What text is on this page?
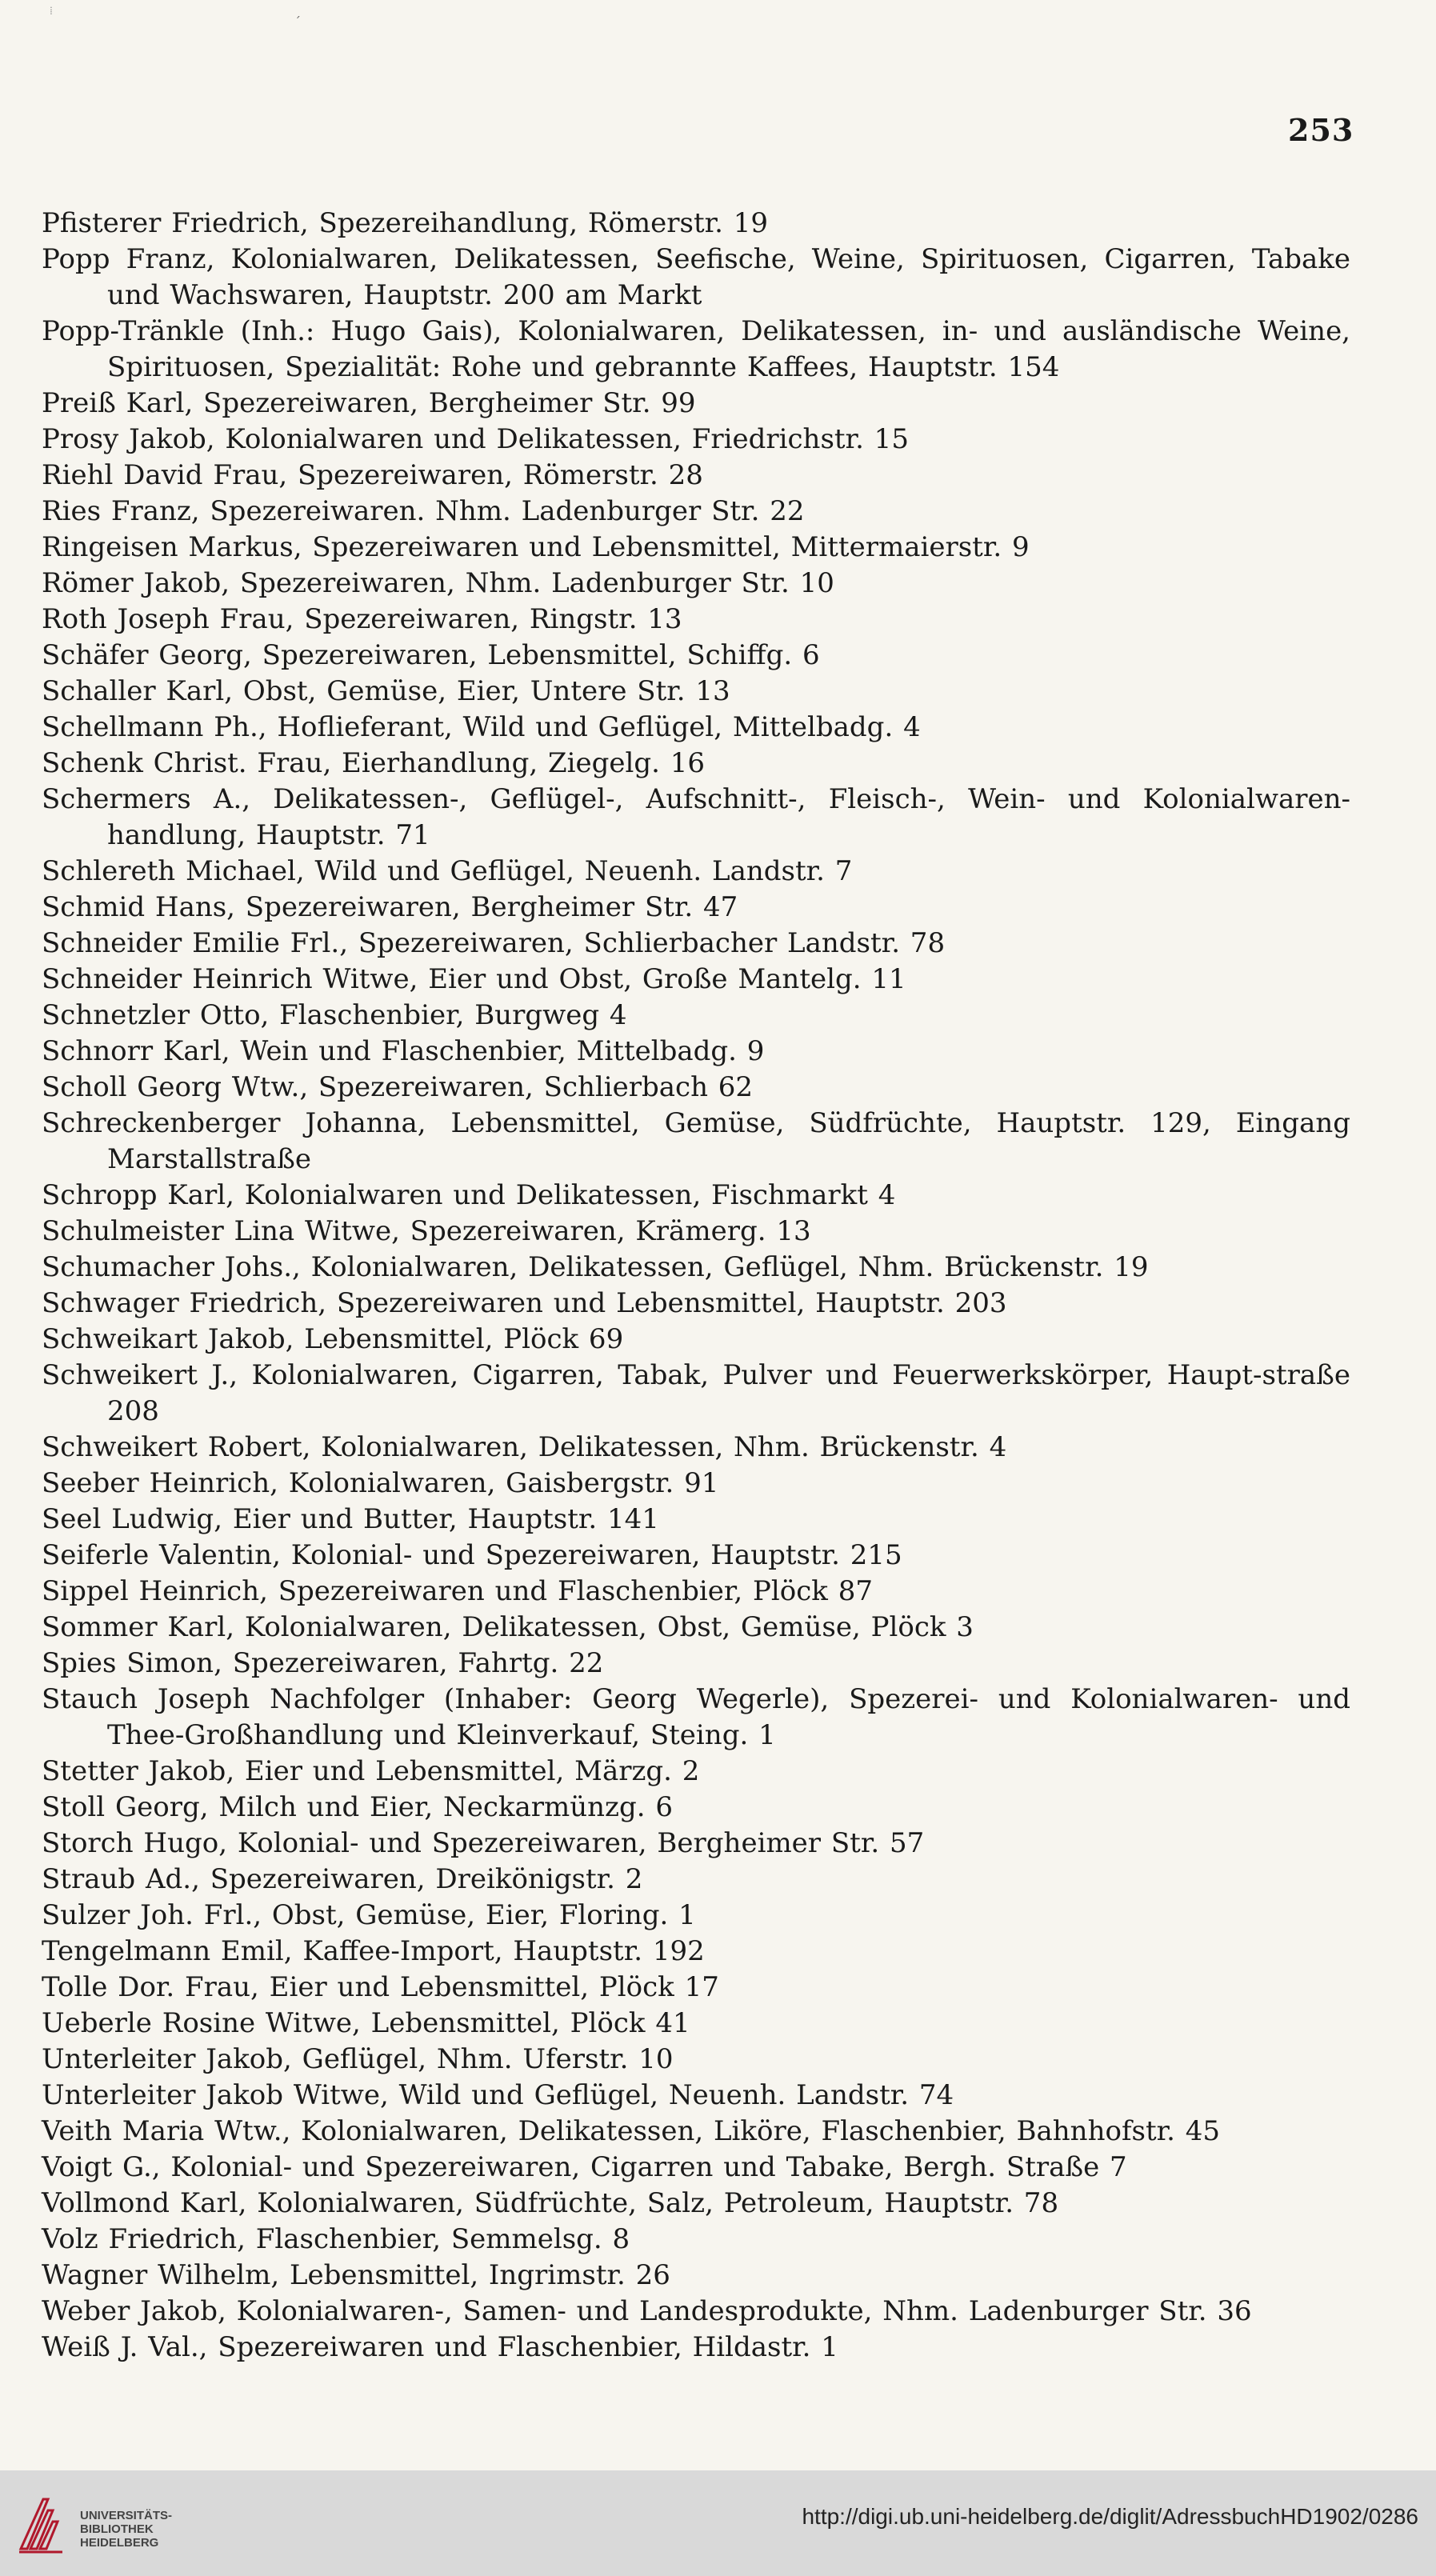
⁞
ˊ
253
Pfisterer Friedrich, Spezereihandlung, Römerstr. 19
Popp Franz, Kolonialwaren, Delikatessen, Seefische, Weine, Spirituosen, Cigarren, Tabake und Wachswaren, Hauptstr. 200 am Markt
Popp-Tränkle (Inh.: Hugo Gais), Kolonialwaren, Delikatessen, in- und ausländische Weine, Spirituosen, Spezialität: Rohe und gebrannte Kaffees, Hauptstr. 154
Preiß Karl, Spezereiwaren, Bergheimer Str. 99
Prosy Jakob, Kolonialwaren und Delikatessen, Friedrichstr. 15
Riehl David Frau, Spezereiwaren, Römerstr. 28
Ries Franz, Spezereiwaren. Nhm. Ladenburger Str. 22
Ringeisen Markus, Spezereiwaren und Lebensmittel, Mittermaierstr. 9
Römer Jakob, Spezereiwaren, Nhm. Ladenburger Str. 10
Roth Joseph Frau, Spezereiwaren, Ringstr. 13
Schäfer Georg, Spezereiwaren, Lebensmittel, Schiffg. 6
Schaller Karl, Obst, Gemüse, Eier, Untere Str. 13
Schellmann Ph., Hoflieferant, Wild und Geflügel, Mittelbadg. 4
Schenk Christ. Frau, Eierhandlung, Ziegelg. 16
Schermers A., Delikatessen-, Geflügel-, Aufschnitt-, Fleisch-, Wein- und Kolonialwaren-handlung, Hauptstr. 71
Schlereth Michael, Wild und Geflügel, Neuenh. Landstr. 7
Schmid Hans, Spezereiwaren, Bergheimer Str. 47
Schneider Emilie Frl., Spezereiwaren, Schlierbacher Landstr. 78
Schneider Heinrich Witwe, Eier und Obst, Große Mantelg. 11
Schnetzler Otto, Flaschenbier, Burgweg 4
Schnorr Karl, Wein und Flaschenbier, Mittelbadg. 9
Scholl Georg Wtw., Spezereiwaren, Schlierbach 62
Schreckenberger Johanna, Lebensmittel, Gemüse, Südfrüchte, Hauptstr. 129, Eingang Marstallstraße
Schropp Karl, Kolonialwaren und Delikatessen, Fischmarkt 4
Schulmeister Lina Witwe, Spezereiwaren, Krämerg. 13
Schumacher Johs., Kolonialwaren, Delikatessen, Geflügel, Nhm. Brückenstr. 19
Schwager Friedrich, Spezereiwaren und Lebensmittel, Hauptstr. 203
Schweikart Jakob, Lebensmittel, Plöck 69
Schweikert J., Kolonialwaren, Cigarren, Tabak, Pulver und Feuerwerkskörper, Haupt-straße 208
Schweikert Robert, Kolonialwaren, Delikatessen, Nhm. Brückenstr. 4
Seeber Heinrich, Kolonialwaren, Gaisbergstr. 91
Seel Ludwig, Eier und Butter, Hauptstr. 141
Seiferle Valentin, Kolonial- und Spezereiwaren, Hauptstr. 215
Sippel Heinrich, Spezereiwaren und Flaschenbier, Plöck 87
Sommer Karl, Kolonialwaren, Delikatessen, Obst, Gemüse, Plöck 3
Spies Simon, Spezereiwaren, Fahrtg. 22
Stauch Joseph Nachfolger (Inhaber: Georg Wegerle), Spezerei- und Kolonialwaren- und Thee-Großhandlung und Kleinverkauf, Steing. 1
Stetter Jakob, Eier und Lebensmittel, Märzg. 2
Stoll Georg, Milch und Eier, Neckarmünzg. 6
Storch Hugo, Kolonial- und Spezereiwaren, Bergheimer Str. 57
Straub Ad., Spezereiwaren, Dreikönigstr. 2
Sulzer Joh. Frl., Obst, Gemüse, Eier, Floring. 1
Tengelmann Emil, Kaffee-Import, Hauptstr. 192
Tolle Dor. Frau, Eier und Lebensmittel, Plöck 17
Ueberle Rosine Witwe, Lebensmittel, Plöck 41
Unterleiter Jakob, Geflügel, Nhm. Uferstr. 10
Unterleiter Jakob Witwe, Wild und Geflügel, Neuenh. Landstr. 74
Veith Maria Wtw., Kolonialwaren, Delikatessen, Liköre, Flaschenbier, Bahnhofstr. 45
Voigt G., Kolonial- und Spezereiwaren, Cigarren und Tabake, Bergh. Straße 7
Vollmond Karl, Kolonialwaren, Südfrüchte, Salz, Petroleum, Hauptstr. 78
Volz Friedrich, Flaschenbier, Semmelsg. 8
Wagner Wilhelm, Lebensmittel, Ingrimstr. 26
Weber Jakob, Kolonialwaren-, Samen- und Landesprodukte, Nhm. Ladenburger Str. 36
Weiß J. Val., Spezereiwaren und Flaschenbier, Hildastr. 1
UNIVERSITÄTS-
BIBLIOTHEK
HEIDELBERG
http://digi.ub.uni-heidelberg.de/diglit/AdressbuchHD1902/0286
